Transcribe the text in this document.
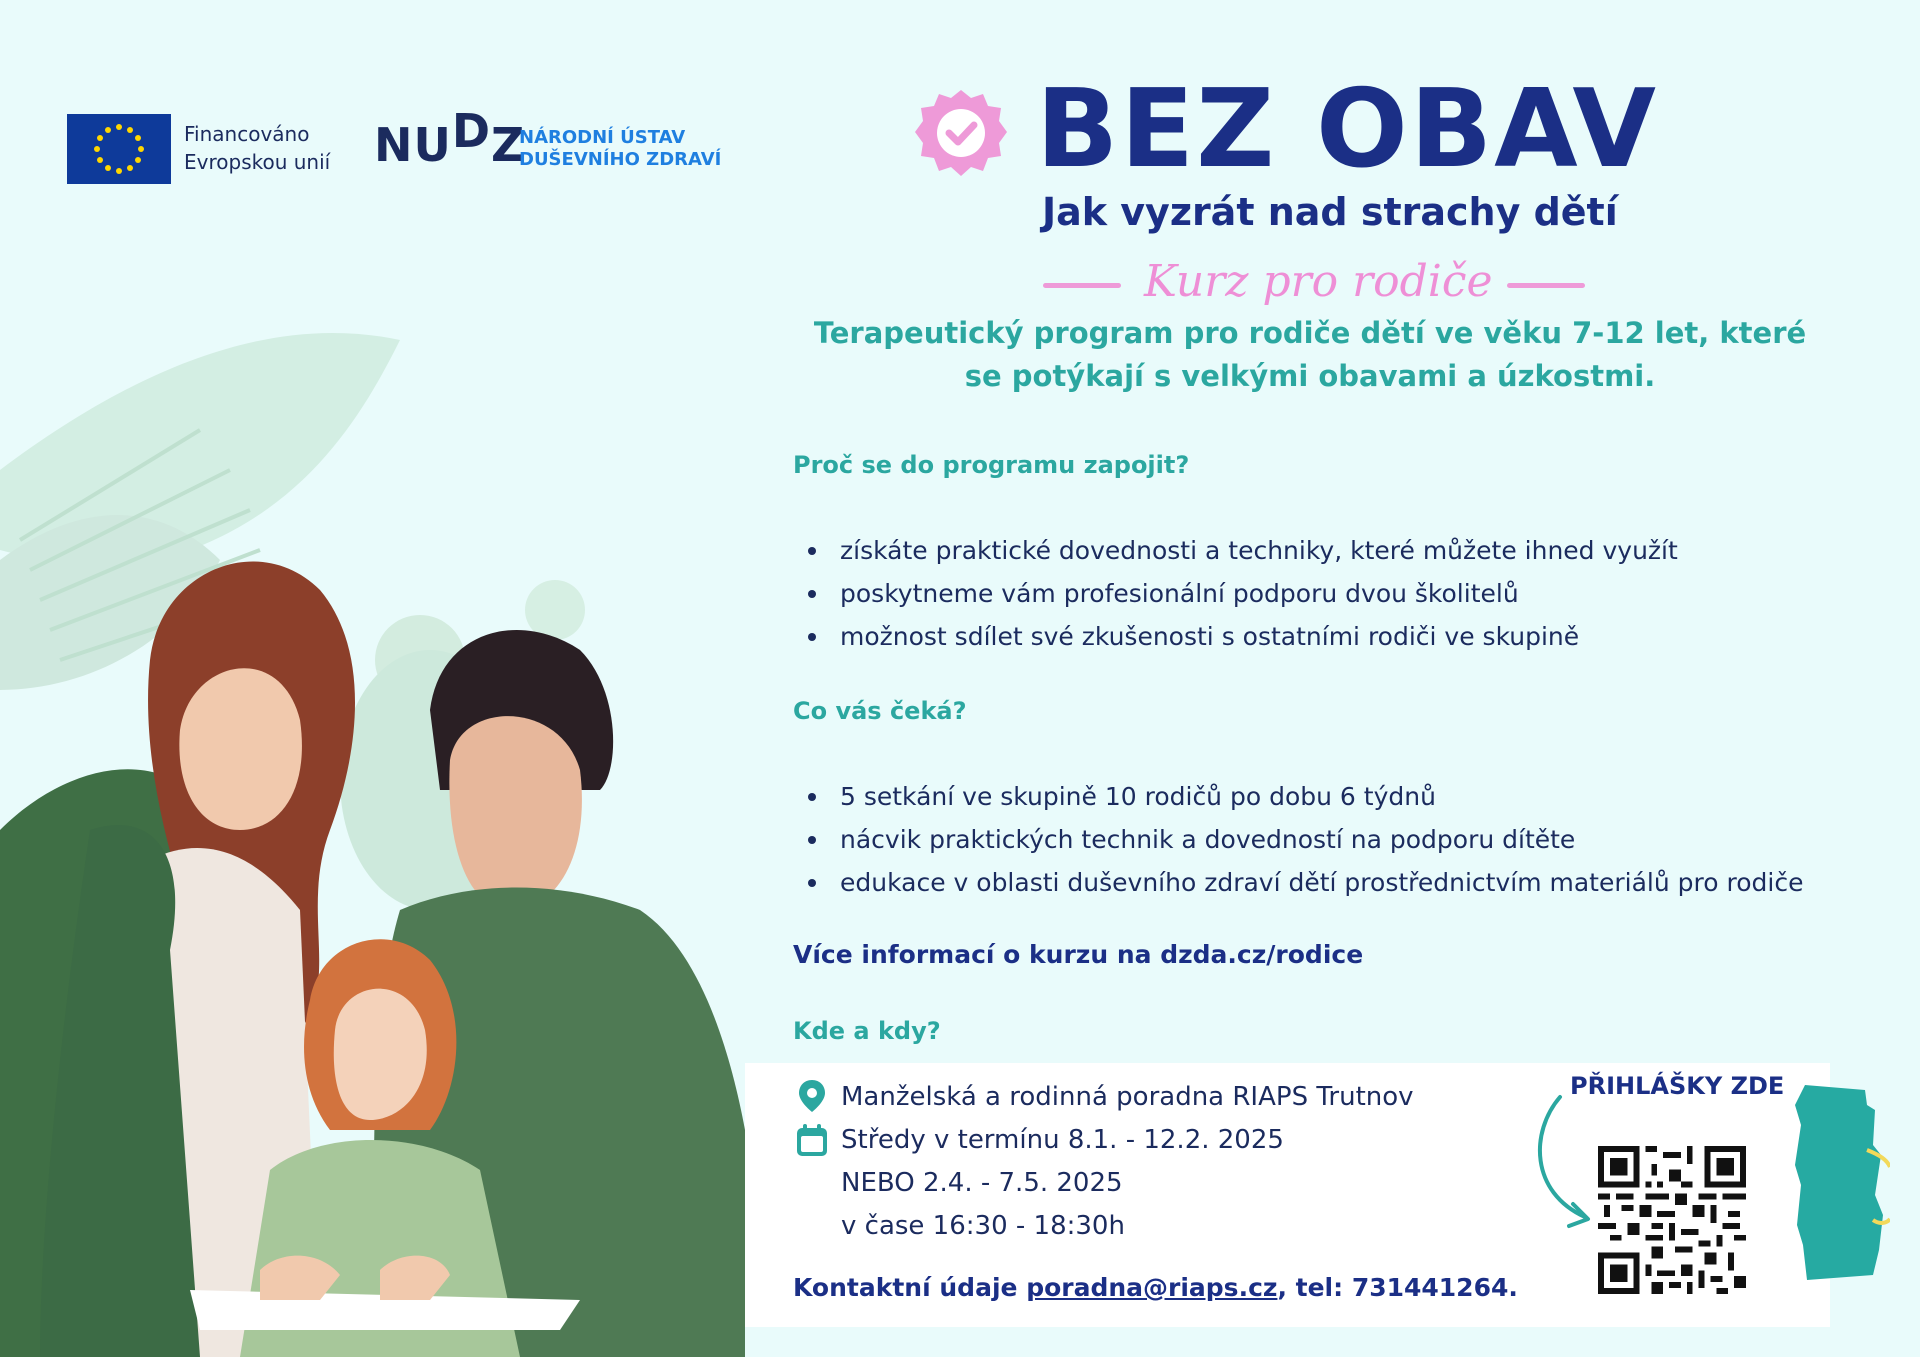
Financováno
Evropskou unií NUDZ
NÁRODNÍ ÚSTAV
DUŠEVNÍHO ZDRAVÍ	BEZ OBAV
Jak vyzrát nad strachy dětí
Kurz pro rodiče
Terapeutický program pro rodiče dětí ve věku 7-12 let, které
se potýkají s velkými obavami a úzkostmi.
Proč se do programu zapojit?
získáte praktické dovednosti a techniky, které můžete ihned využít
poskytneme vám profesionální podporu dvou školitelů
možnost sdílet své zkušenosti s ostatními rodiči ve skupině
Co vás čeká?
5 setkání ve skupině 10 rodičů po dobu 6 týdnů
nácvik praktických technik a dovedností na podporu dítěte
edukace v oblasti duševního zdraví dětí prostřednictvím materiálů pro rodiče
Více informací o kurzu na dzda.cz/rodice
Kde a kdy?
Manželská a rodinná poradna RIAPS Trutnov
Středy v termínu 8.1. - 12.2. 2025
NEBO 2.4. - 7.5. 2025
v čase 16:30 - 18:30h
Kontaktní údaje poradna@riaps.cz, tel: 731441264.
PŘIHLÁŠKY ZDE
